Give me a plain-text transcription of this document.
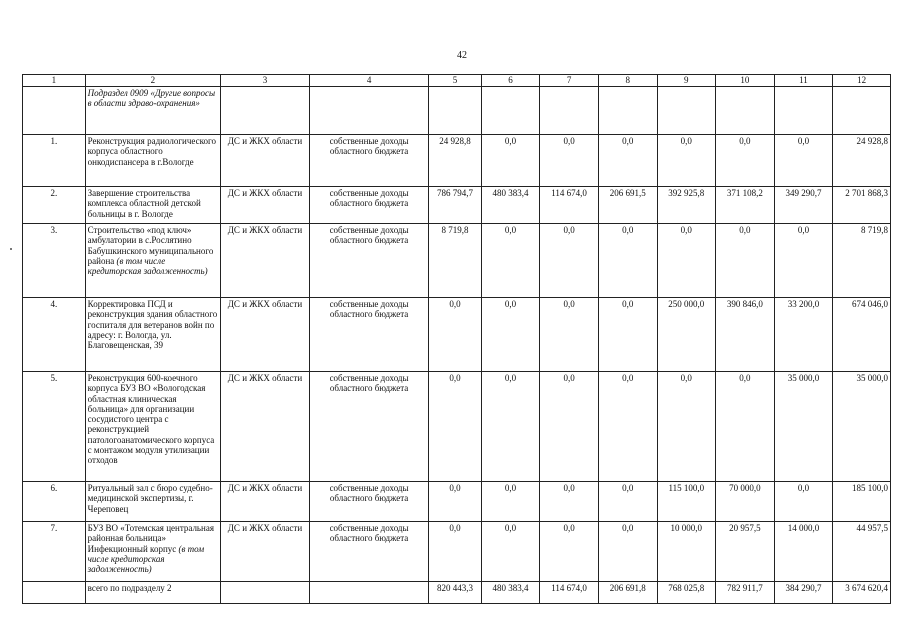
42
1	2	3	4	5	6	7	8	9	10	11	12
	Подраздел 0909 «Другие вопросы в области здраво-охранения»										
1.	Реконструкция радиологического корпуса областного онкодиспансера в г.Вологде	ДС и ЖКХ области	собственные доходы областного бюджета	24 928,8	0,0	0,0	0,0	0,0	0,0	0,0	24 928,8
2.	Завершение строительства комплекса областной детской больницы в г. Вологде	ДС и ЖКХ области	собственные доходы областного бюджета	786 794,7	480 383,4	114 674,0	206 691,5	392 925,8	371 108,2	349 290,7	2 701 868,3
3.	Строительство «под ключ» амбулатории в с.Рослятино Бабушкинского муниципального района (в том числе кредиторская задолженность)	ДС и ЖКХ области	собственные доходы областного бюджета	8 719,8	0,0	0,0	0,0	0,0	0,0	0,0	8 719,8
4.	Корректировка ПСД и реконструкция здания областного госпиталя для ветеранов войн по адресу: г. Вологда, ул. Благовещенская, 39	ДС и ЖКХ области	собственные доходы областного бюджета	0,0	0,0	0,0	0,0	250 000,0	390 846,0	33 200,0	674 046,0
5.	Реконструкция 600-коечного корпуса БУЗ ВО «Вологодская областная клиническая больница» для организации сосудистого центра с реконструкцией патологоанатомического корпуса с монтажом модуля утилизации отходов	ДС и ЖКХ области	собственные доходы областного бюджета	0,0	0,0	0,0	0,0	0,0	0,0	35 000,0	35 000,0
6.	Ритуальный зал с бюро судебно-медицинской экспертизы, г. Череповец	ДС и ЖКХ области	собственные доходы областного бюджета	0,0	0,0	0,0	0,0	115 100,0	70 000,0	0,0	185 100,0
7.	БУЗ ВО «Тотемская центральная районная больница» Инфекционный корпус (в том числе кредиторская задолженность)	ДС и ЖКХ области	собственные доходы областного бюджета	0,0	0,0	0,0	0,0	10 000,0	20 957,5	14 000,0	44 957,5
	всего по подразделу 2			820 443,3	480 383,4	114 674,0	206 691,8	768 025,8	782 911,7	384 290,7	3 674 620,4
